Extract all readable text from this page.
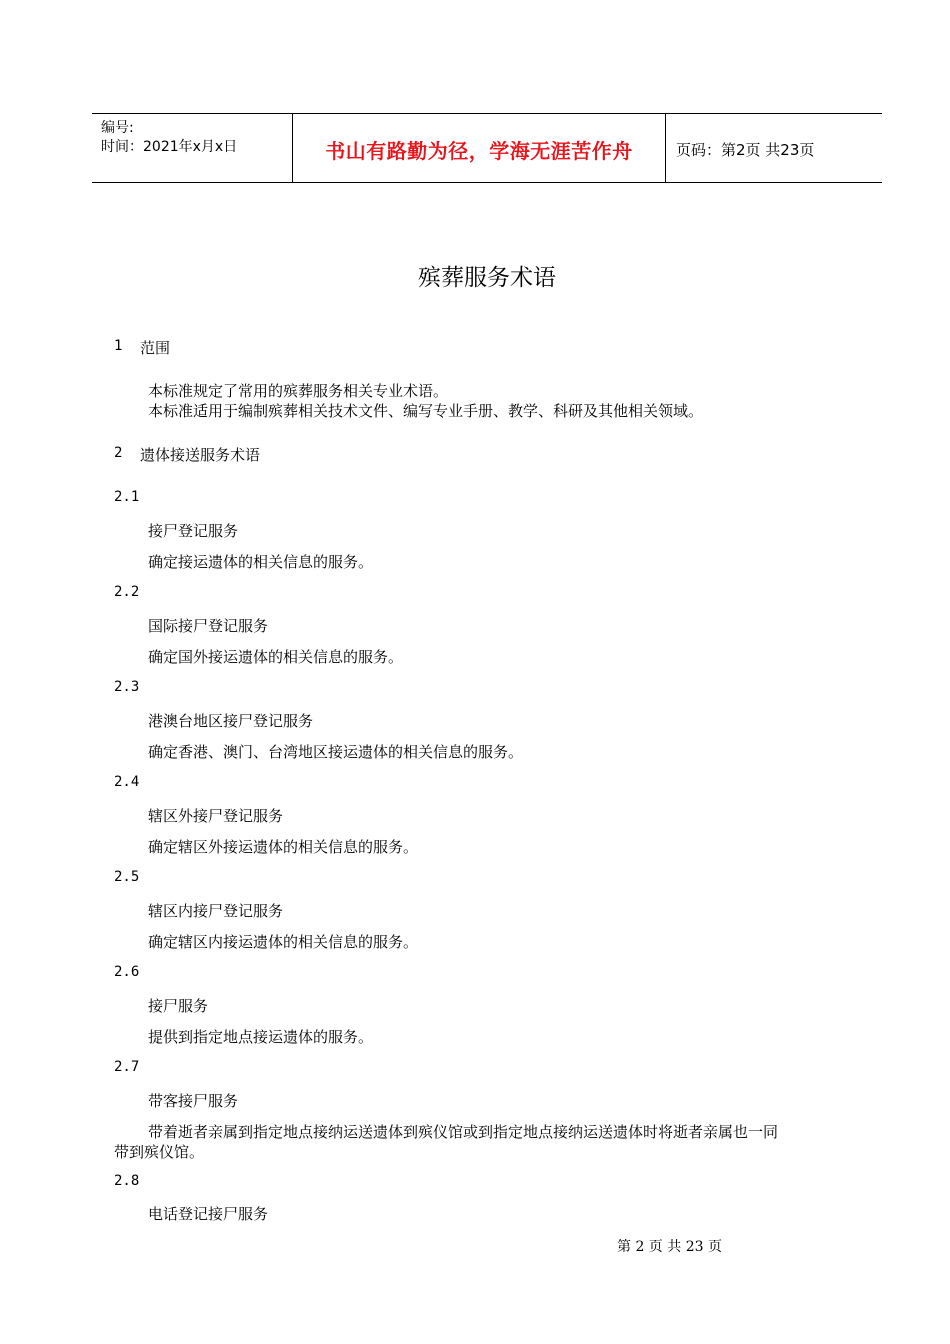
编号:
时间：2021年x月x日	书山有路勤为径，学海无涯苦作舟	页码：第2页 共23页
殡葬服务术语
1 范围
本标准规定了常用的殡葬服务相关专业术语。
本标准适用于编制殡葬相关技术文件、编写专业手册、教学、科研及其他相关领域。
2 遗体接送服务术语
2.1
接尸登记服务
确定接运遗体的相关信息的服务。
2.2
国际接尸登记服务
确定国外接运遗体的相关信息的服务。
2.3
港澳台地区接尸登记服务
确定香港、澳门、台湾地区接运遗体的相关信息的服务。
2.4
辖区外接尸登记服务
确定辖区外接运遗体的相关信息的服务。
2.5
辖区内接尸登记服务
确定辖区内接运遗体的相关信息的服务。
2.6
接尸服务
提供到指定地点接运遗体的服务。
2.7
带客接尸服务
带着逝者亲属到指定地点接纳运送遗体到殡仪馆或到指定地点接纳运送遗体时将逝者亲属也一同
带到殡仪馆。
2.8
电话登记接尸服务
第 2 页 共 23 页
